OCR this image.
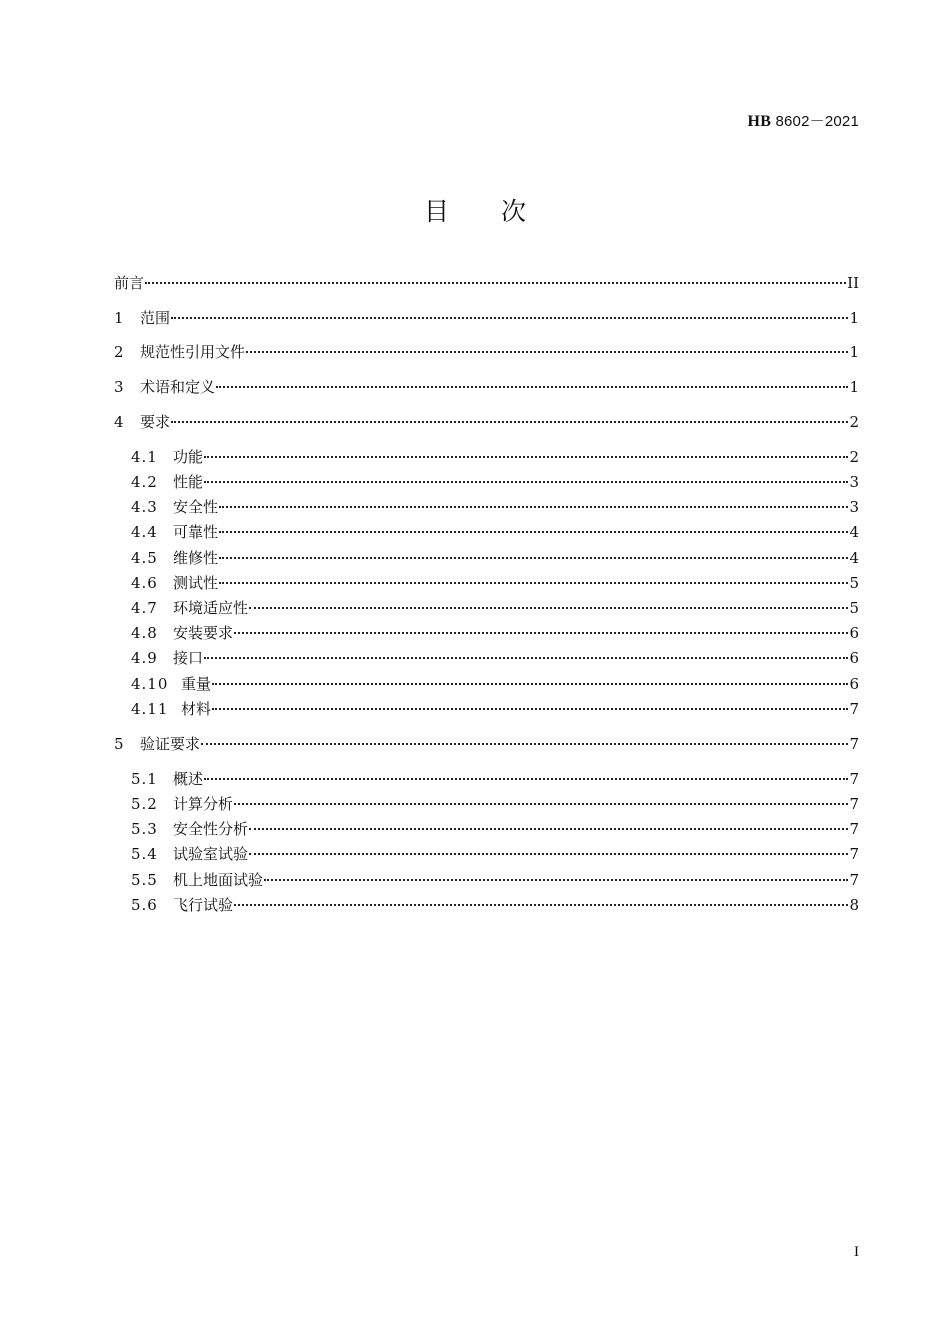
HB 8602－2021
目 次
前言	II
1	范围	1
2	规范性引用文件	1
3	术语和定义	1
4	要求	2
4.1	功能	2
4.2	性能	3
4.3	安全性	3
4.4	可靠性	4
4.5	维修性	4
4.6	测试性	5
4.7	环境适应性	5
4.8	安装要求	6
4.9	接口	6
4.10 重量	6
4.11 材料	7
5	验证要求	7
5.1	概述	7
5.2	计算分析	7
5.3	安全性分析	7
5.4	试验室试验	7
5.5	机上地面试验	7
5.6	飞行试验	8
I
